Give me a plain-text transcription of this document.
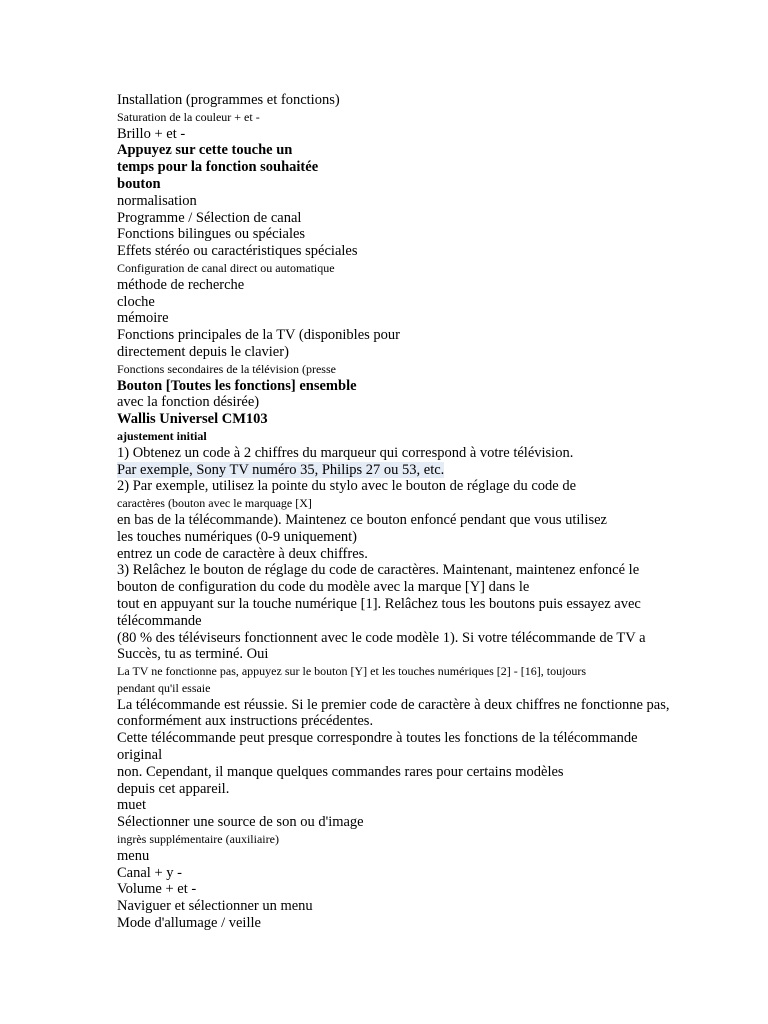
Installation (programmes et fonctions)
Saturation de la couleur + et -
Brillo + et -
Appuyez sur cette touche un
temps pour la fonction souhaitée
bouton
normalisation
Programme / Sélection de canal
Fonctions bilingues ou spéciales
Effets stéréo ou caractéristiques spéciales
Configuration de canal direct ou automatique
méthode de recherche
cloche
mémoire
Fonctions principales de la TV (disponibles pour
directement depuis le clavier)
Fonctions secondaires de la télévision (presse
Bouton [Toutes les fonctions] ensemble
avec la fonction désirée)
Wallis Universel CM103
ajustement initial
1) Obtenez un code à 2 chiffres du marqueur qui correspond à votre télévision.
Par exemple, Sony TV numéro 35, Philips 27 ou 53, etc.
2) Par exemple, utilisez la pointe du stylo avec le bouton de réglage du code de
caractères (bouton avec le marquage [X]
en bas de la télécommande). Maintenez ce bouton enfoncé pendant que vous utilisez
les touches numériques (0-9 uniquement)
entrez un code de caractère à deux chiffres.
3) Relâchez le bouton de réglage du code de caractères. Maintenant, maintenez enfoncé le
bouton de configuration du code du modèle avec la marque [Y] dans le
tout en appuyant sur la touche numérique [1]. Relâchez tous les boutons puis essayez avec
télécommande
(80 % des téléviseurs fonctionnent avec le code modèle 1). Si votre télécommande de TV a
Succès, tu as terminé. Oui
La TV ne fonctionne pas, appuyez sur le bouton [Y] et les touches numériques [2] - [16], toujours
pendant qu'il essaie
La télécommande est réussie. Si le premier code de caractère à deux chiffres ne fonctionne pas,
conformément aux instructions précédentes.
Cette télécommande peut presque correspondre à toutes les fonctions de la télécommande
original
non. Cependant, il manque quelques commandes rares pour certains modèles
depuis cet appareil.
muet
Sélectionner une source de son ou d'image
ingrès supplémentaire (auxiliaire)
menu
Canal + y -
Volume + et -
Naviguer et sélectionner un menu
Mode d'allumage / veille
